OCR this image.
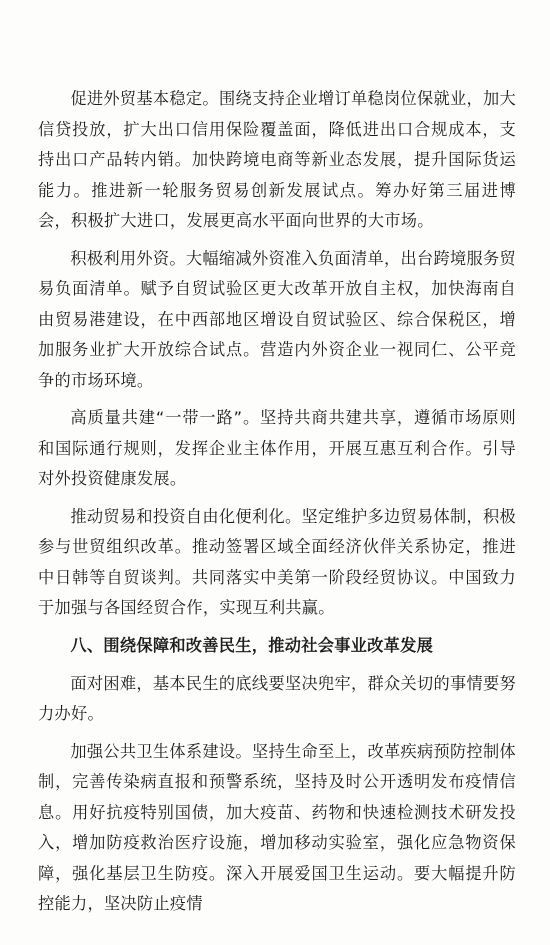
促进外贸基本稳定。围绕支持企业增订单稳岗位保就业，加大信贷投放，扩大出口信用保险覆盖面，降低进出口合规成本，支持出口产品转内销。加快跨境电商等新业态发展，提升国际货运能力。推进新一轮服务贸易创新发展试点。筹办好第三届进博会，积极扩大进口，发展更高水平面向世界的大市场。

积极利用外资。大幅缩减外资准入负面清单，出台跨境服务贸易负面清单。赋予自贸试验区更大改革开放自主权，加快海南自由贸易港建设，在中西部地区增设自贸试验区、综合保税区，增加服务业扩大开放综合试点。营造内外资企业一视同仁、公平竞争的市场环境。

高质量共建“一带一路”。坚持共商共建共享，遵循市场原则和国际通行规则，发挥企业主体作用，开展互惠互利合作。引导对外投资健康发展。

推动贸易和投资自由化便利化。坚定维护多边贸易体制，积极参与世贸组织改革。推动签署区域全面经济伙伴关系协定，推进中日韩等自贸谈判。共同落实中美第一阶段经贸协议。中国致力于加强与各国经贸合作，实现互利共赢。

八、围绕保障和改善民生，推动社会事业改革发展

面对困难，基本民生的底线要坚决兜牢，群众关切的事情要努力办好。

加强公共卫生体系建设。坚持生命至上，改革疾病预防控制体制，完善传染病直报和预警系统，坚持及时公开透明发布疫情信息。用好抗疫特别国债，加大疫苗、药物和快速检测技术研发投入，增加防疫救治医疗设施，增加移动实验室，强化应急物资保障，强化基层卫生防疫。深入开展爱国卫生运动。要大幅提升防控能力，坚决防止疫情
